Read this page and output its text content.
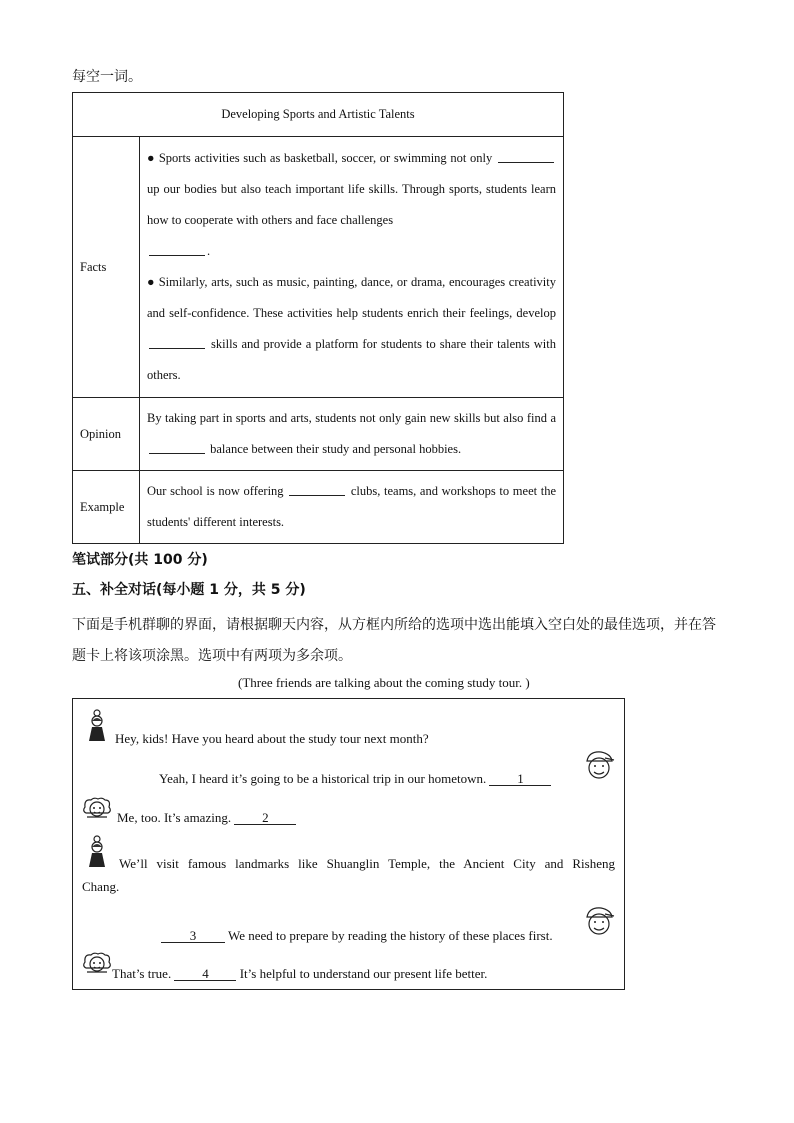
每空一词。
Developing Sports and Artistic Talents	
Facts	● Sports activities such as basketball, soccer, or swimming not only  up our bodies but also teach important life skills. Through sports, students learn how to cooperate with others and face challenges
.
● Similarly, arts, such as music, painting, dance, or drama, encourages creativity and self-confidence. These activities help students enrich their feelings, develop  skills and provide a platform for students to share their talents with others.
Opinion	By taking part in sports and arts, students not only gain new skills but also find a  balance between their study and personal hobbies.
Example	Our school is now offering clubs, teams, and workshops to meet the students' different interests.
笔试部分(共 100 分)
五、补全对话(每小题 1 分，共 5 分)
下面是手机群聊的界面，请根据聊天内容，从方框内所给的选项中选出能填入空白处的最佳选项，并在答题卡上将该项涂黑。选项中有两项为多余项。
(Three friends are talking about the coming study tour. )
Hey, kids! Have you heard about the study tour next month?
Yeah, I heard it’s going to be a historical trip in our hometown. 1
Me, too. It’s amazing. 2
We’ll visit famous landmarks like Shuanglin Temple, the Ancient City and Risheng
Chang.
3 We need to prepare by reading the history of these places first.
That’s true. 4 It’s helpful to understand our present life better.
